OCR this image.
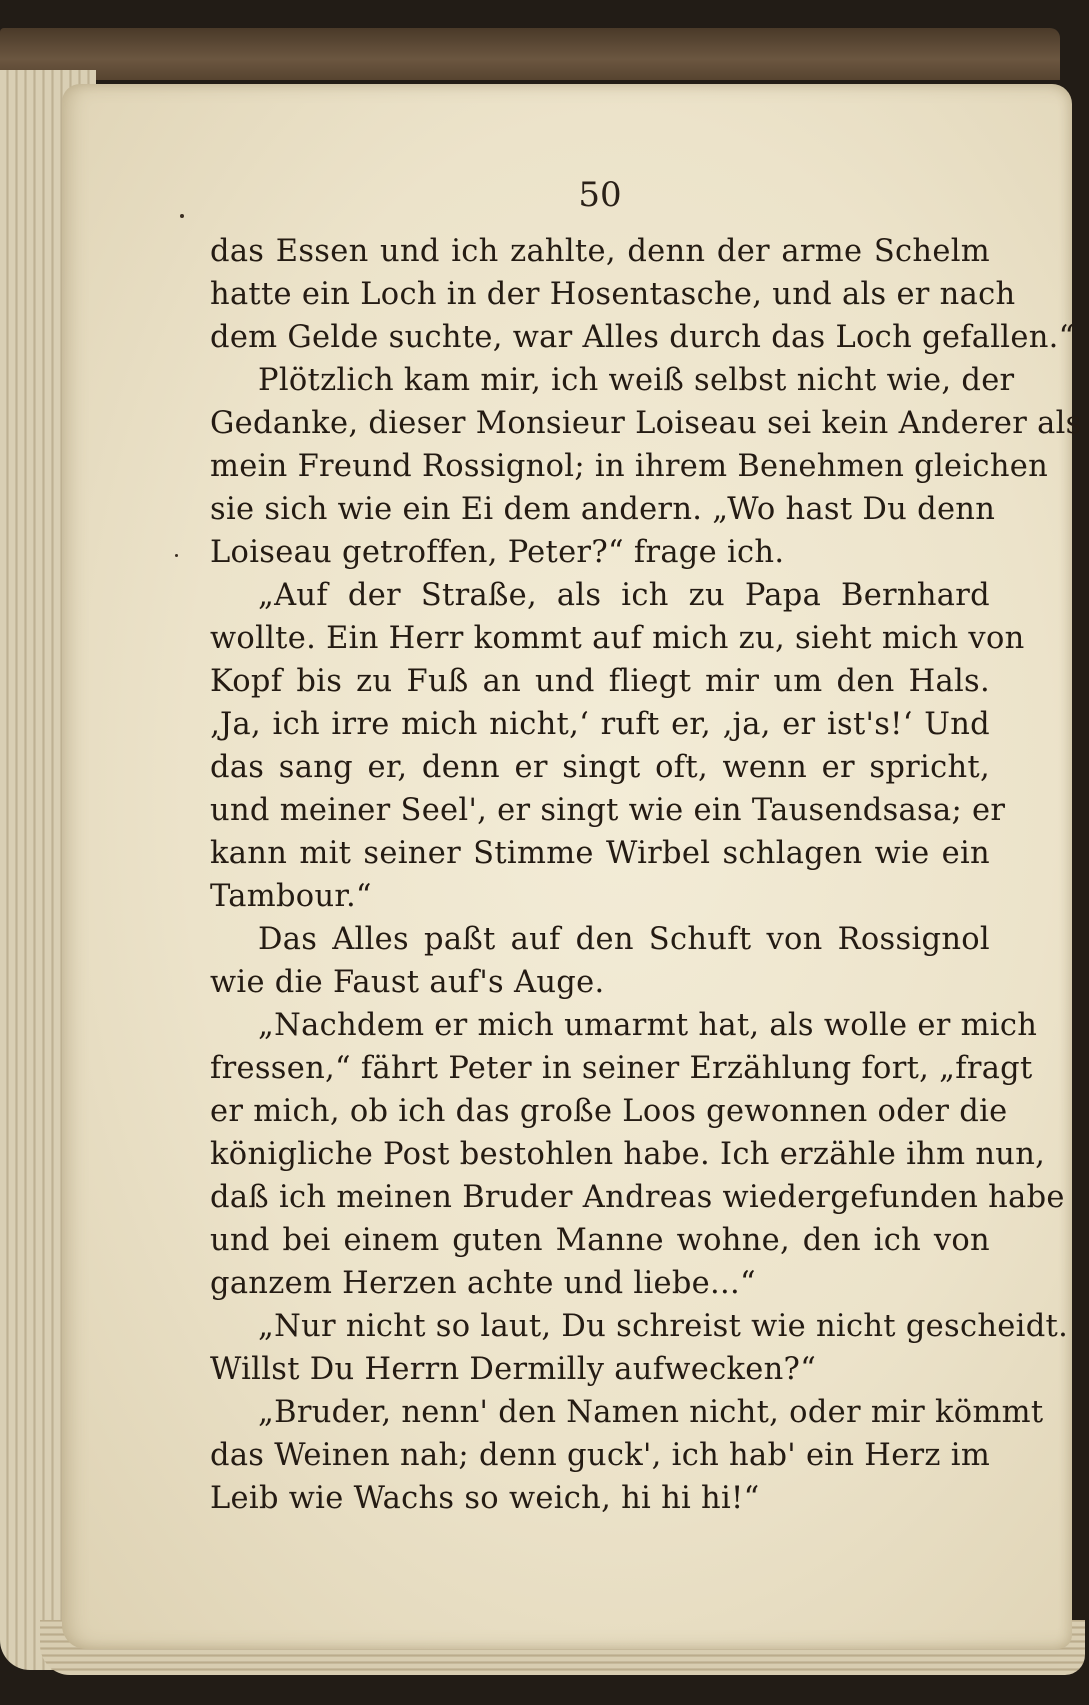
50
das Essen und ich zahlte, denn der arme Schelm
hatte ein Loch in der Hosentasche, und als er nach
dem Gelde suchte, war Alles durch das Loch gefallen.“
Plötzlich kam mir, ich weiß selbst nicht wie, der
Gedanke, dieser Monsieur Loiseau sei kein Anderer als
mein Freund Rossignol; in ihrem Benehmen gleichen
sie sich wie ein Ei dem andern. „Wo hast Du denn
Loiseau getroffen, Peter?“ frage ich.
„Auf der Straße, als ich zu Papa Bernhard
wollte. Ein Herr kommt auf mich zu, sieht mich von
Kopf bis zu Fuß an und fliegt mir um den Hals.
‚Ja, ich irre mich nicht,‘ ruft er, ‚ja, er ist's!‘ Und
das sang er, denn er singt oft, wenn er spricht,
und meiner Seel', er singt wie ein Tausendsasa; er
kann mit seiner Stimme Wirbel schlagen wie ein
Tambour.“
Das Alles paßt auf den Schuft von Rossignol
wie die Faust auf's Auge.
„Nachdem er mich umarmt hat, als wolle er mich
fressen,“ fährt Peter in seiner Erzählung fort, „fragt
er mich, ob ich das große Loos gewonnen oder die
königliche Post bestohlen habe. Ich erzähle ihm nun,
daß ich meinen Bruder Andreas wiedergefunden habe
und bei einem guten Manne wohne, den ich von
ganzem Herzen achte und liebe...“
„Nur nicht so laut, Du schreist wie nicht gescheidt.
Willst Du Herrn Dermilly aufwecken?“
„Bruder, nenn' den Namen nicht, oder mir kömmt
das Weinen nah; denn guck', ich hab' ein Herz im
Leib wie Wachs so weich, hi hi hi!“
